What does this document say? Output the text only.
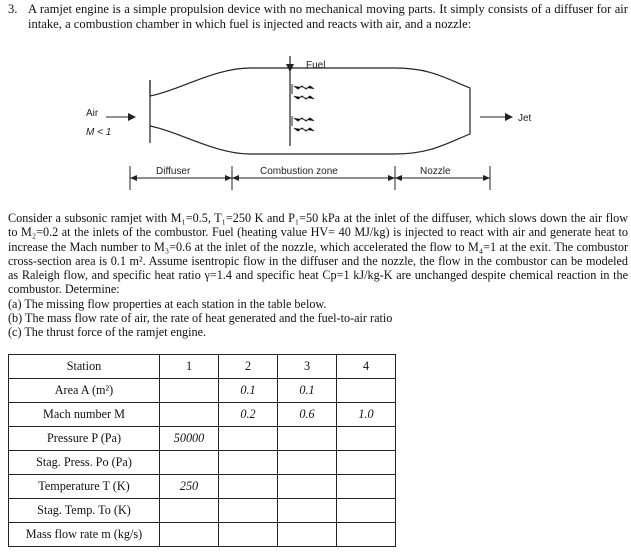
3. A ramjet engine is a simple propulsion device with no mechanical moving parts. It simply consists of a diffuser for air intake, a combustion chamber in which fuel is injected and reacts with air, and a nozzle:
Fuel
Air
M < 1
Jet
Diffuser	Combustion zone	Nozzle

Consider a subsonic ramjet with M₁=0.5, T₁=250 K and P₁=50 kPa at the inlet of the diffuser, which slows down the air flow to M₂=0.2 at the inlets of the combustor. Fuel (heating value HV= 40 MJ/kg) is injected to react with air and generate heat to increase the Mach number to M₃=0.6 at the inlet of the nozzle, which accelerated the flow to M₄=1 at the exit. The combustor cross-section area is 0.1 m². Assume isentropic flow in the diffuser and the nozzle, the flow in the combustor can be modeled as Raleigh flow, and specific heat ratio γ=1.4 and specific heat Cp=1 kJ/kg-K are unchanged despite chemical reaction in the combustor. Determine:

(a) The missing flow properties at each station in the table below.
(b) The mass flow rate of air, the rate of heat generated and the fuel-to-air ratio
(c) The thrust force of the ramjet engine.
Station	1	2	3	4
Area A (m²)		0.1	0.1	
Mach number M		0.2	0.6	1.0
Pressure P (Pa)	50000			
Stag. Press. Po (Pa)				
Temperature T (K)	250			
Stag. Temp. To (K)				
Mass flow rate m (kg/s)				
